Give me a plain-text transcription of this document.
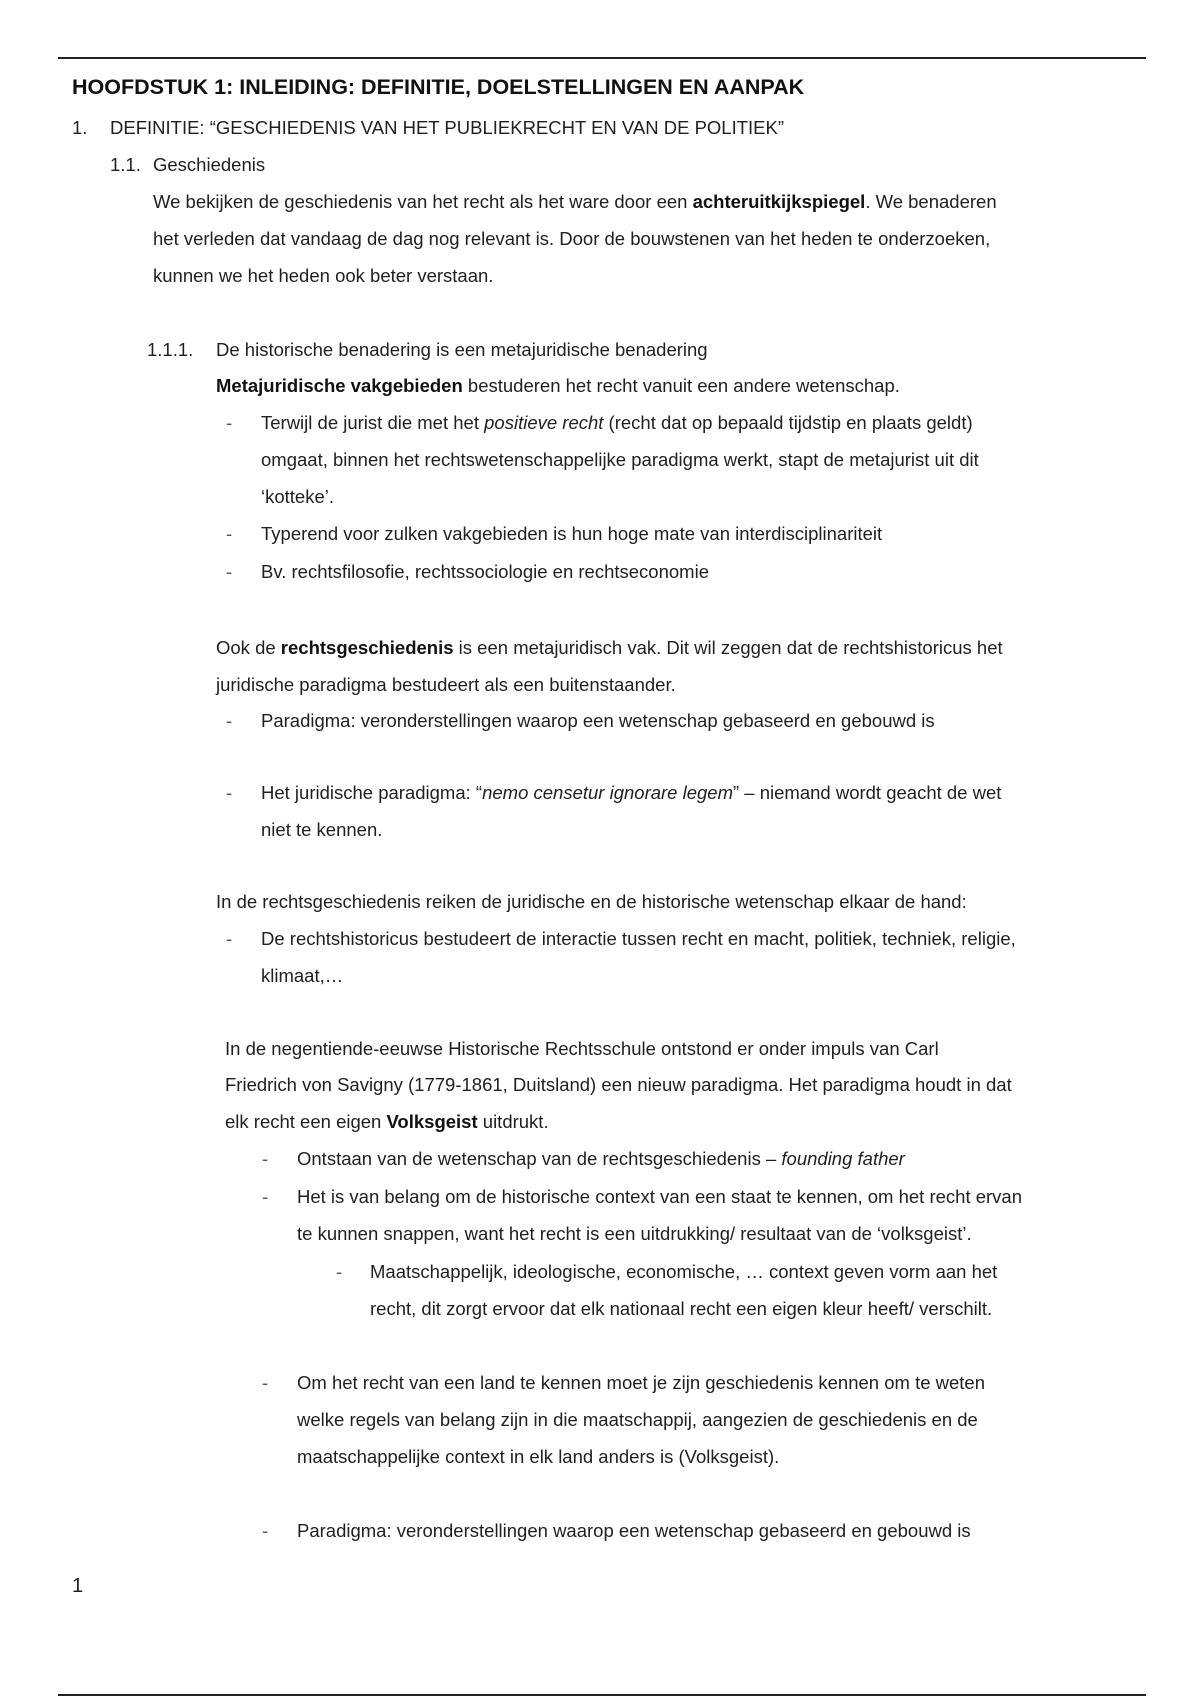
HOOFDSTUK 1: INLEIDING: DEFINITIE, DOELSTELLINGEN EN AANPAK
1. DEFINITIE: “GESCHIEDENIS VAN HET PUBLIEKRECHT EN VAN DE POLITIEK”
1.1. Geschiedenis
We bekijken de geschiedenis van het recht als het ware door een achteruitkijkspiegel. We benaderen
het verleden dat vandaag de dag nog relevant is. Door de bouwstenen van het heden te onderzoeken,
kunnen we het heden ook beter verstaan.
1.1.1. De historische benadering is een metajuridische benadering
Metajuridische vakgebieden bestuderen het recht vanuit een andere wetenschap.
- Terwijl de jurist die met het positieve recht (recht dat op bepaald tijdstip en plaats geldt)
omgaat, binnen het rechtswetenschappelijke paradigma werkt, stapt de metajurist uit dit
‘kotteke’.
- Typerend voor zulken vakgebieden is hun hoge mate van interdisciplinariteit
- Bv. rechtsfilosofie, rechtssociologie en rechtseconomie
Ook de rechtsgeschiedenis is een metajuridisch vak. Dit wil zeggen dat de rechtshistoricus het
juridische paradigma bestudeert als een buitenstaander.
- Paradigma: veronderstellingen waarop een wetenschap gebaseerd en gebouwd is
- Het juridische paradigma: “nemo censetur ignorare legem” – niemand wordt geacht de wet
niet te kennen.
In de rechtsgeschiedenis reiken de juridische en de historische wetenschap elkaar de hand:
- De rechtshistoricus bestudeert de interactie tussen recht en macht, politiek, techniek, religie,
klimaat,…
In de negentiende-eeuwse Historische Rechtsschule ontstond er onder impuls van Carl
Friedrich von Savigny (1779-1861, Duitsland) een nieuw paradigma. Het paradigma houdt in dat
elk recht een eigen Volksgeist uitdrukt.
- Ontstaan van de wetenschap van de rechtsgeschiedenis – founding father
- Het is van belang om de historische context van een staat te kennen, om het recht ervan
te kunnen snappen, want het recht is een uitdrukking/ resultaat van de ‘volksgeist’.
- Maatschappelijk, ideologische, economische, … context geven vorm aan het
recht, dit zorgt ervoor dat elk nationaal recht een eigen kleur heeft/ verschilt.
- Om het recht van een land te kennen moet je zijn geschiedenis kennen om te weten
welke regels van belang zijn in die maatschappij, aangezien de geschiedenis en de
maatschappelijke context in elk land anders is (Volksgeist).
- Paradigma: veronderstellingen waarop een wetenschap gebaseerd en gebouwd is
1
